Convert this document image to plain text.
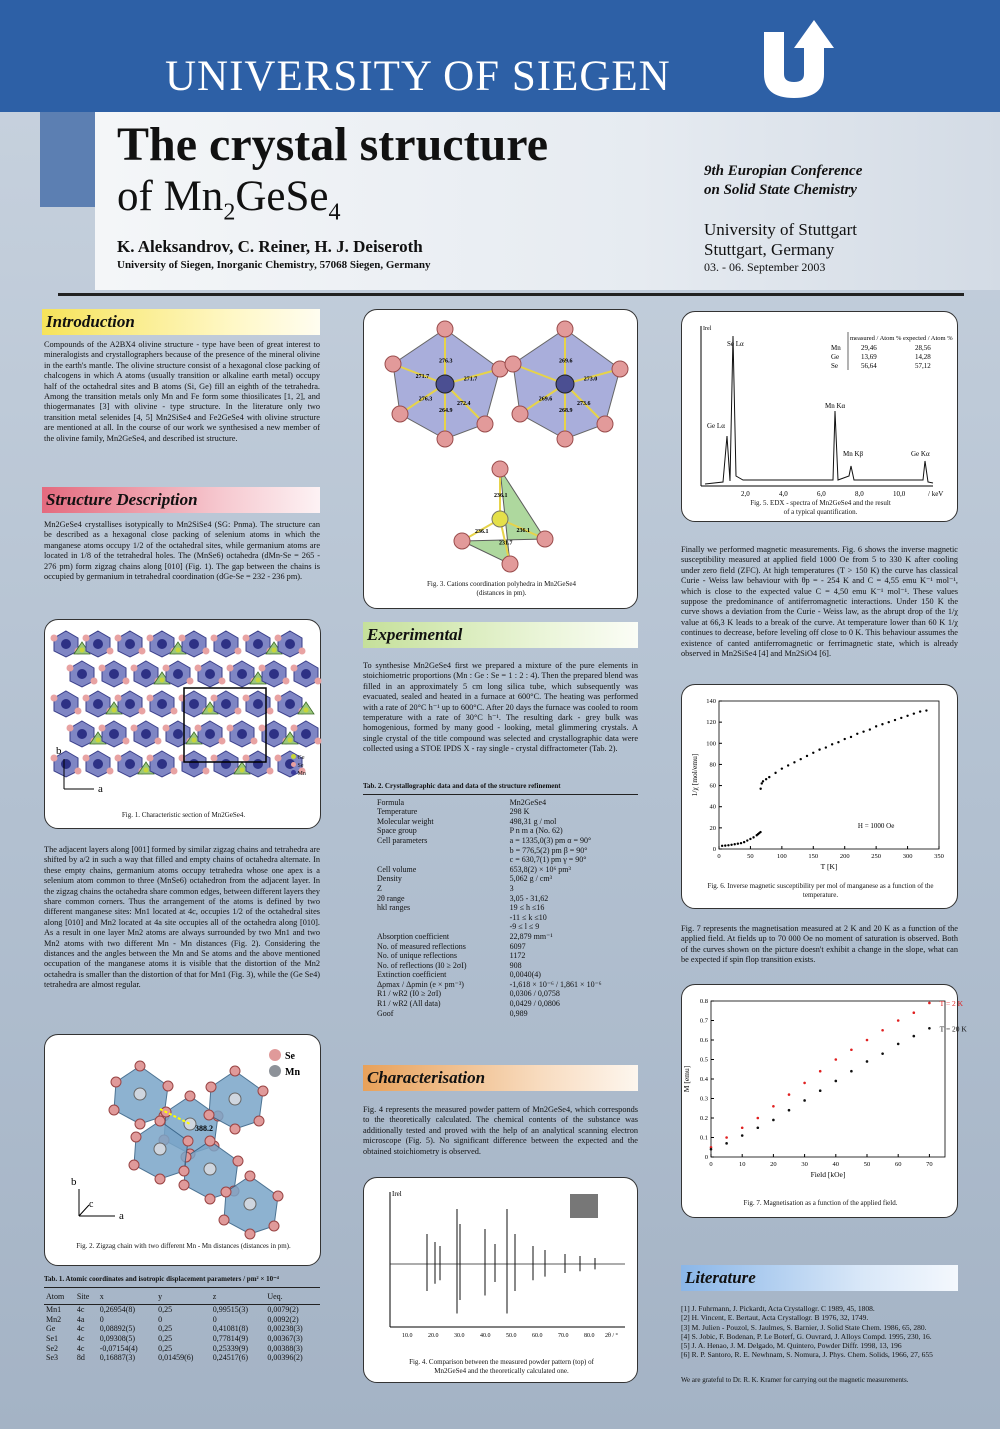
UNIVERSITY OF SIEGEN
The crystal structure
of $Mn_2GeSe_4$
K. Aleksandrov, C. Reiner, H. J. Deiseroth
University of Siegen, Inorganic Chemistry, 57068 Siegen, Germany
9th Europian Conference
on Solid State Chemistry
University of Stuttgart
Stuttgart, Germany
03. - 06. September 2003
Introduction
Compounds of the A2BX4 olivine structure - type have been of great interest to mineralogists and crystallographers because of the presence of the mineral olivine in the earth's mantle. The olivine structure consist of a hexagonal close packing of chalcogens in which A atoms (usually transition or alkaline earth metal) occupy half of the octahedral sites and B atoms (Si, Ge) fill an eighth of the tetrahedra. Among the transition metals only Mn and Fe form some thiosilicates [1, 2], and thiogermanates [3] with olivine - type structure. In the literature only two transition metal selenides [4, 5] Mn2SiSe4 and Fe2GeSe4 with olivine structure are mentioned at all. In the course of our work we synthesised a new member of the olivine family, Mn2GeSe4, and described ist structure.
Structure Description
Mn2GeSe4 crystallises isotypically to Mn2SiSe4 (SG: Pnma). The structure can be described as a hexagonal close packing of selenium atoms in which the manganese atoms occupy 1/2 of the octahedral sites, while germanium atoms are located in 1/8 of the tetrahedral holes. The (MnSe6) octahedra (dMn-Se = 265 - 276 pm) form zigzag chains along [010] (Fig. 1). The gap between the chains is occupied by germanium in tetrahedral coordination (dGe-Se = 232 - 236 pm).
b
a
Ge
Se
Mn
Fig. 1. Characteristic section of Mn2GeSe4.
The adjacent layers along [001] formed by similar zigzag chains and tetrahedra are shifted by a/2 in such a way that filled and empty chains of octahedra alternate. In these empty chains, germanium atoms occupy tetrahedra whose one apex is a selenium atom common to three (MnSe6) octahedron from the adjacent layer. In the zigzag chains the octahedra share common edges, between different layers they share common corners. Thus the arrangement of the atoms is defined by two different manganese sites: Mn1 located at 4c, occupies 1/2 of the octahedral sites along [010] and Mn2 located at 4a site occupies all of the octahedra along [010]. As a result in one layer Mn2 atoms are always surrounded by two Mn1 and two Mn2 atoms with two different Mn - Mn distances (Fig. 2). Considering the distances and the angles between the Mn and Se atoms and the above mentioned occupation of the manganese atoms it is visible that the distortion of the Mn2 octahedra is smaller than the distortion of that for Mn1 (Fig. 3), while the (Ge Se4) tetrahedra are almost regular.
388.2
Se
Mn
b
c
a
Fig. 2. Zigzag chain with two different Mn - Mn distances (distances in pm).
Tab. 1. Atomic coordinates and isotropic displacement parameters / pm² × 10⁻⁴
Atom	Site	x	y	z	Ueq.
Mn1	4c	0,26954(8)	0,25	0,99515(3)	0,0079(2)
Mn2	4a	0	0	0	0,0092(2)
Ge	4c	0,08892(5)	0,25	0,41081(8)	0,00238(3)
Se1	4c	0,09308(5)	0,25	0,77814(9)	0,00367(3)
Se2	4c	-0,07154(4)	0,25	0,25339(9)	0,00388(3)
Se3	8d	0,16887(3)	0,01459(6)	0,24517(6)	0,00396(2)
276.3
271.7
272.4
264.9
276.3
271.7
269.6
273.0
273.6
268.9
269.6
236.1
236.1
236.1
231.7
Fig. 3. Cations coordination polyhedra in Mn2GeSe4
(distances in pm).
Experimental
To synthesise Mn2GeSe4 first we prepared a mixture of the pure elements in stoichiometric proportions (Mn : Ge : Se = 1 : 2 : 4). Then the prepared blend was filled in an approximately 5 cm long silica tube, which subsequently was evacuated, sealed and heated in a furnace at 600°C. The heating was performed with a rate of 20°C h⁻¹ up to 600°C. After 20 days the furnace was cooled to room temperature with a rate of 30°C h⁻¹. The resulting dark - grey bulk was homogenious, formed by many good - looking, metal glimmering crystals. A single crystal of the title compound was selected and crystallographic data were collected using a STOE IPDS X - ray single - crystal diffractometer (Tab. 2).
Tab. 2. Crystallographic data and data of the structure refinement
Formula	Mn2GeSe4
Temperature	298 K
Molecular weight	498,31 g / mol
Space group	P n m a (No. 62)
Cell parameters	a = 1335,0(3) pm α = 90°
	b = 776,5(2) pm β = 90°
	c = 630,7(1) pm γ = 90°
Cell volume	653,8(2) × 10⁶ pm³
Density	5,062 g / cm³
Z	3
2θ range	3,05 - 31,62
hkl ranges	19 ≤ h ≤16
	-11 ≤ k ≤10
	-9 ≤ l ≤ 9
Absorption coefficient	22,879 mm⁻¹
No. of measured reflections	6097
No. of unique reflections	1172
No. of reflections (I0 ≥ 2σI)	908
Extinction coefficient	0,0040(4)
Δρmax / Δρmin (e × pm⁻³)	-1,618 × 10⁻⁶ / 1,861 × 10⁻⁶
R1 / wR2 (I0 ≥ 2σI)	0,0306 / 0,0758
R1 / wR2 (All data)	0,0429 / 0,0806
Goof	0,989
Characterisation
Fig. 4 represents the measured powder pattern of Mn2GeSe4, which corresponds to the theoretically calculated. The chemical contents of the substance was additionally tested and proved with the help of an analytical scanning electron microscope (Fig. 5). No significant difference between the expected and the obtained stoichiometry is observed.
Irel
10.0	20.0	30.0	40.0	50.0	60.0	70.0	80.0 2θ / °
Fig. 4. Comparison between the measured powder pattern (top) of
Mn2GeSe4 and the theoretically calculated one.
Irel
Se Lα
Ge Lα
Mn Kα
Mn Kβ	Ge Kα
2,0	4,0	6,0	8,0	10,0	/ keV
measured / Atom % expected / Atom %
Mn	29,46	28,56
Ge	13,69	14,28
Se	56,64	57,12
Fig. 5. EDX - spectra of Mn2GeSe4 and the result
of a typical quantification.
Finally we performed magnetic measurements. Fig. 6 shows the inverse magnetic susceptibility measured at applied field 1000 Oe from 5 to 330 K after cooling under zero field (ZFC). At high temperatures (T > 150 K) the curve has classical Curie - Weiss law behaviour with θp = - 254 K and C = 4,55 emu K⁻¹ mol⁻¹, which is close to the expected value C = 4,50 emu K⁻¹ mol⁻¹. These values suppose the predominance of antiferromagnetic interactions. Under 150 K the curve shows a deviation from the Curie - Weiss law, as the abrupt drop of the 1/χ value at 66,3 K leads to a break of the curve. At temperature lower than 60 K 1/χ continues to decrease, before leveling off close to 0 K. This behaviour assumes the existence of canted antiferromagnetic or ferrimagnetic state, which is already observed in Mn2SiSe4 [4] and Mn2SiO4 [6].
0	50	100	150	200	250	300	350
0
20
40
60
80
100
120
140
T [K]
1/χ [mol/emu]
H = 1000 Oe
Fig. 6. Inverse magnetic susceptibility per mol of manganese as a function of the temperature.
Fig. 7 represents the magnetisation measured at 2 K and 20 K as a function of the applied field. At fields up to 70 000 Oe no moment of saturation is observed. Both of the curves shown on the picture doesn't exhibit a change in the slope, what can be expected if spin flop transition exists.
0	10	20	30	40	50	60	70
0
0.1
0.2
0.3
0.4
0.5
0.6
0.7
0.8
Field [kOe]
M [emu]
T = 2 K
T = 20 K
Fig. 7. Magnetisation as a function of the applied field.
Literature
[1] J. Fuhrmann, J. Pickardt, Acta Crystallogr. C 1989, 45, 1808.
[2] H. Vincent, E. Bertaut, Acta Crystallogr. B 1976, 32, 1749.
[3] M. Julien - Pouzol, S. Jaulmes, S. Barnier, J. Solid State Chem. 1986, 65, 280.
[4] S. Jobic, F. Bodenan, P. Le Boterf, G. Ouvrard, J. Alloys Compd. 1995, 230, 16.
[5] J. A. Henao, J. M. Delgado, M. Quintero, Powder Diffr. 1998, 13, 196
[6] R. P. Santoro, R. E. Newhnam, S. Nomura, J. Phys. Chem. Solids, 1966, 27, 655
We are grateful to Dr. R. K. Kramer for carrying out the magnetic measurements.
